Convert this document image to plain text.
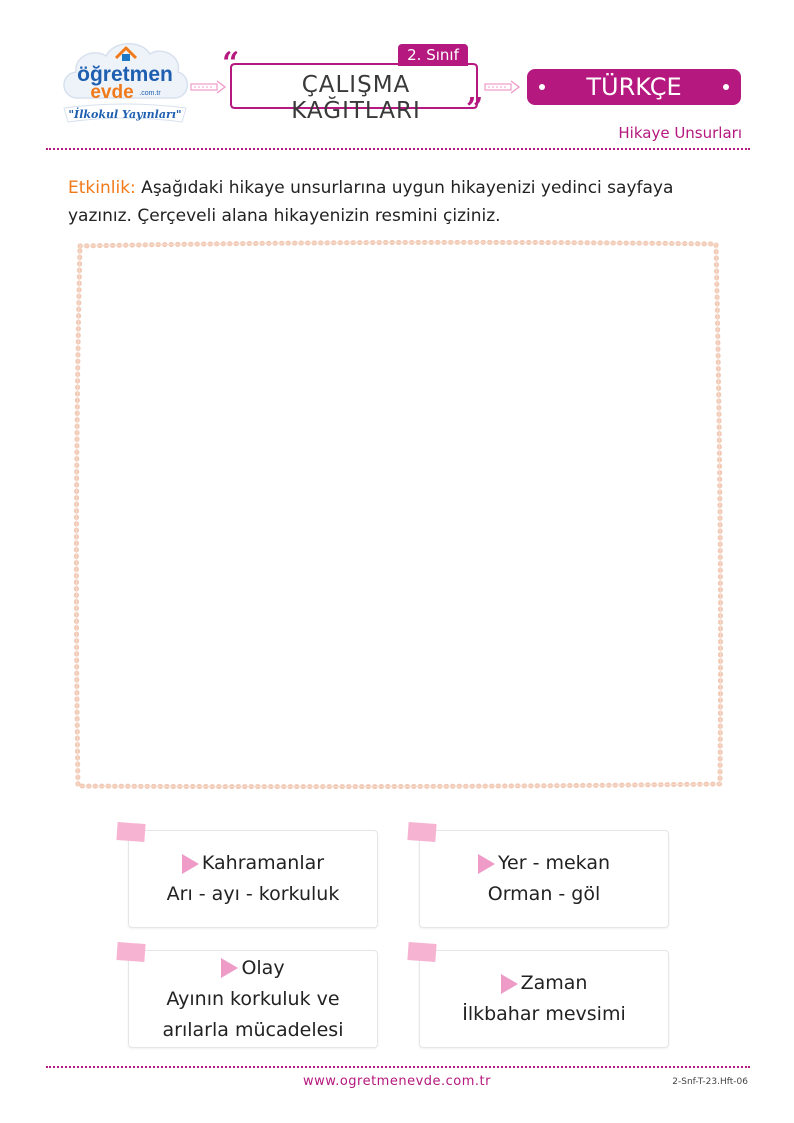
öğretmen
evde .com.tr
"İlkokul Yayınları"
“	2. Sınıf
ÇALIŞMA KAĞITLARI	”
TÜRKÇE
Hikaye Unsurları
Etkinlik: Aşağıdaki hikaye unsurlarına uygun hikayenizi yedinci sayfaya yazınız. Çerçeveli alana hikayenizin resmini çiziniz.
Kahramanlar
Arı - ayı - korkuluk
Yer - mekan
Orman - göl
Olay
Ayının korkuluk ve
arılarla mücadelesi
Zaman
İlkbahar mevsimi
www.ogretmenevde.com.tr	2-Snf-T-23.Hft-06
